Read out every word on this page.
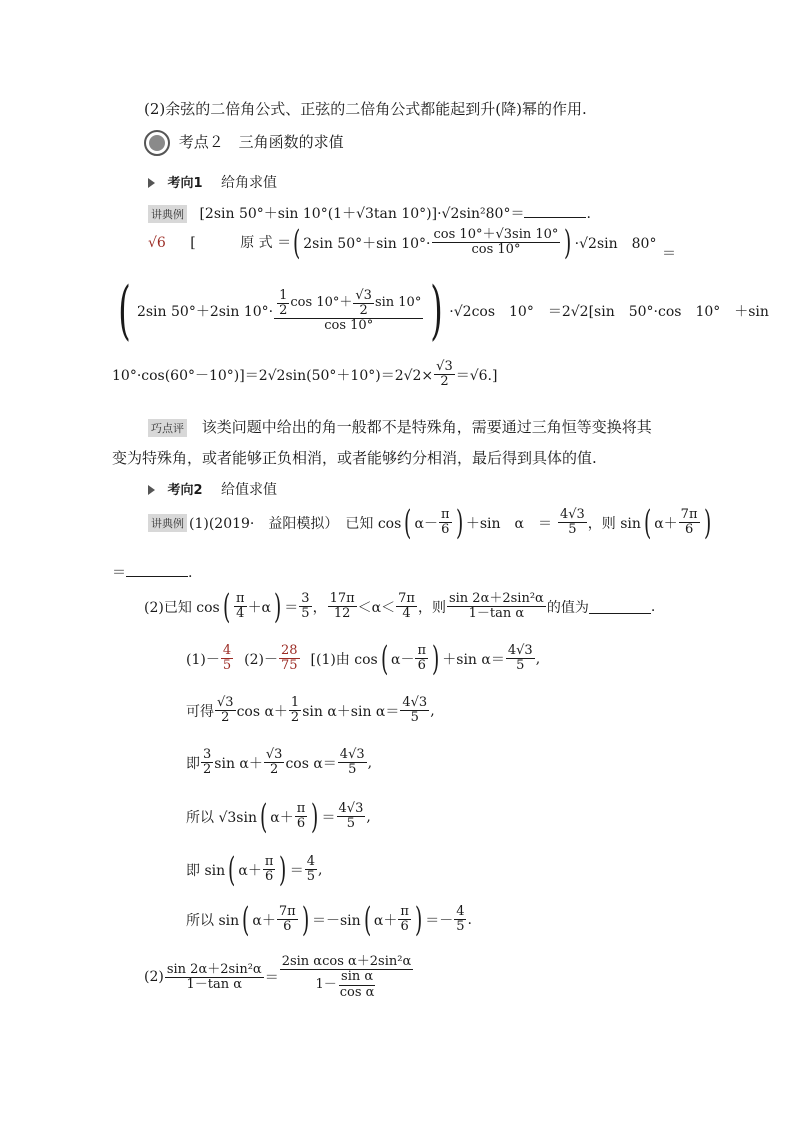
(2)余弦的二倍角公式、正弦的二倍角公式都能起到升(降)幂的作用.
考点２ 三角函数的求值
考向1 给角求值
讲典例 [2sin 50°＋sin 10°(1＋√3tan 10°)]·√2sin²80°＝	.
√6 [	原 式 ＝ ( 2sin 50°＋sin $10^\circ\cdot \frac{\cos 10^\circ+√3\sin 10^\circ}{\cos 10^\circ}$ ) ·√2sin　80°
＝
( 2sin 50°＋2sin $10^\circ\cdot \frac{\frac{1}{2} \cos 10^\circ+ \frac{√3}{2} \sin 10^\circ}{\cos 10^\circ}$ ) ·√2cos　10°　＝2√2[sin　50°·cos　10°　＋sin
$10^\circ\cdot\cos(60^\circ-10^\circ)]=2√2\sin(50^\circ+10^\circ)=2√2\times \frac{√3}{2} =√6$.]
巧点评 该类问题中给出的角一般都不是特殊角，需要通过三角恒等变换将其
变为特殊角，或者能够正负相消，或者能够约分相消，最后得到具体的值.
考向2 给值求值
讲典例 (1)(2019·　益阳模拟）　已知 cos ( $\alpha- \frac{\pi}{6}$ ) ＋sin　α　＝ $\frac{4√3}{5}$ ，则 sin ( $\alpha+ \frac{7\pi}{6}$ )
＝	.
(2)已知 cos ( $\frac{\pi}{4} +\alpha$ ) ＝ $\frac{3}{5}$ ， $\frac{17\pi}{12} <\alpha< \frac{7\pi}{4}$ ，则 $\frac{\text{sin 2α＋2sin²α}}{\text{1－tan α}}$ 的值为	.
$(1)- \frac{4}{5} (2)- \frac{28}{75} [(1)$由 cos ( $\alpha- \frac{\pi}{6}$ ) ＋sin $\alpha= \frac{4√3}{5}$ ,
可得 $\frac{√3}{2}$ $\cos \alpha+ \frac{1}{2}$ sin α＋sin $\alpha= \frac{4√3}{5}$ ,
即 $\frac{3}{2}$ $\sin \alpha+ \frac{√3}{2}$ $\cos \alpha= \frac{4√3}{5}$ ,
所以 √3sin ( $\alpha+ \frac{\pi}{6}$ ) ＝ $\frac{4√3}{5}$ ,
即 sin ( $\alpha+ \frac{\pi}{6}$ ) ＝ $\frac{4}{5}$ ,
所以 sin ( $\alpha+ \frac{7\pi}{6}$ ) ＝－sin ( $\alpha+ \frac{\pi}{6}$ ) ＝－ $\frac{4}{5}$ .
$(2) \frac{\text{sin 2α＋2sin²α}}{\text{1－tan α}} = \frac{\text{2sin αcos α＋2sin²α}}{1- \frac{\text{sin α}}{\text{cos α}}}$
